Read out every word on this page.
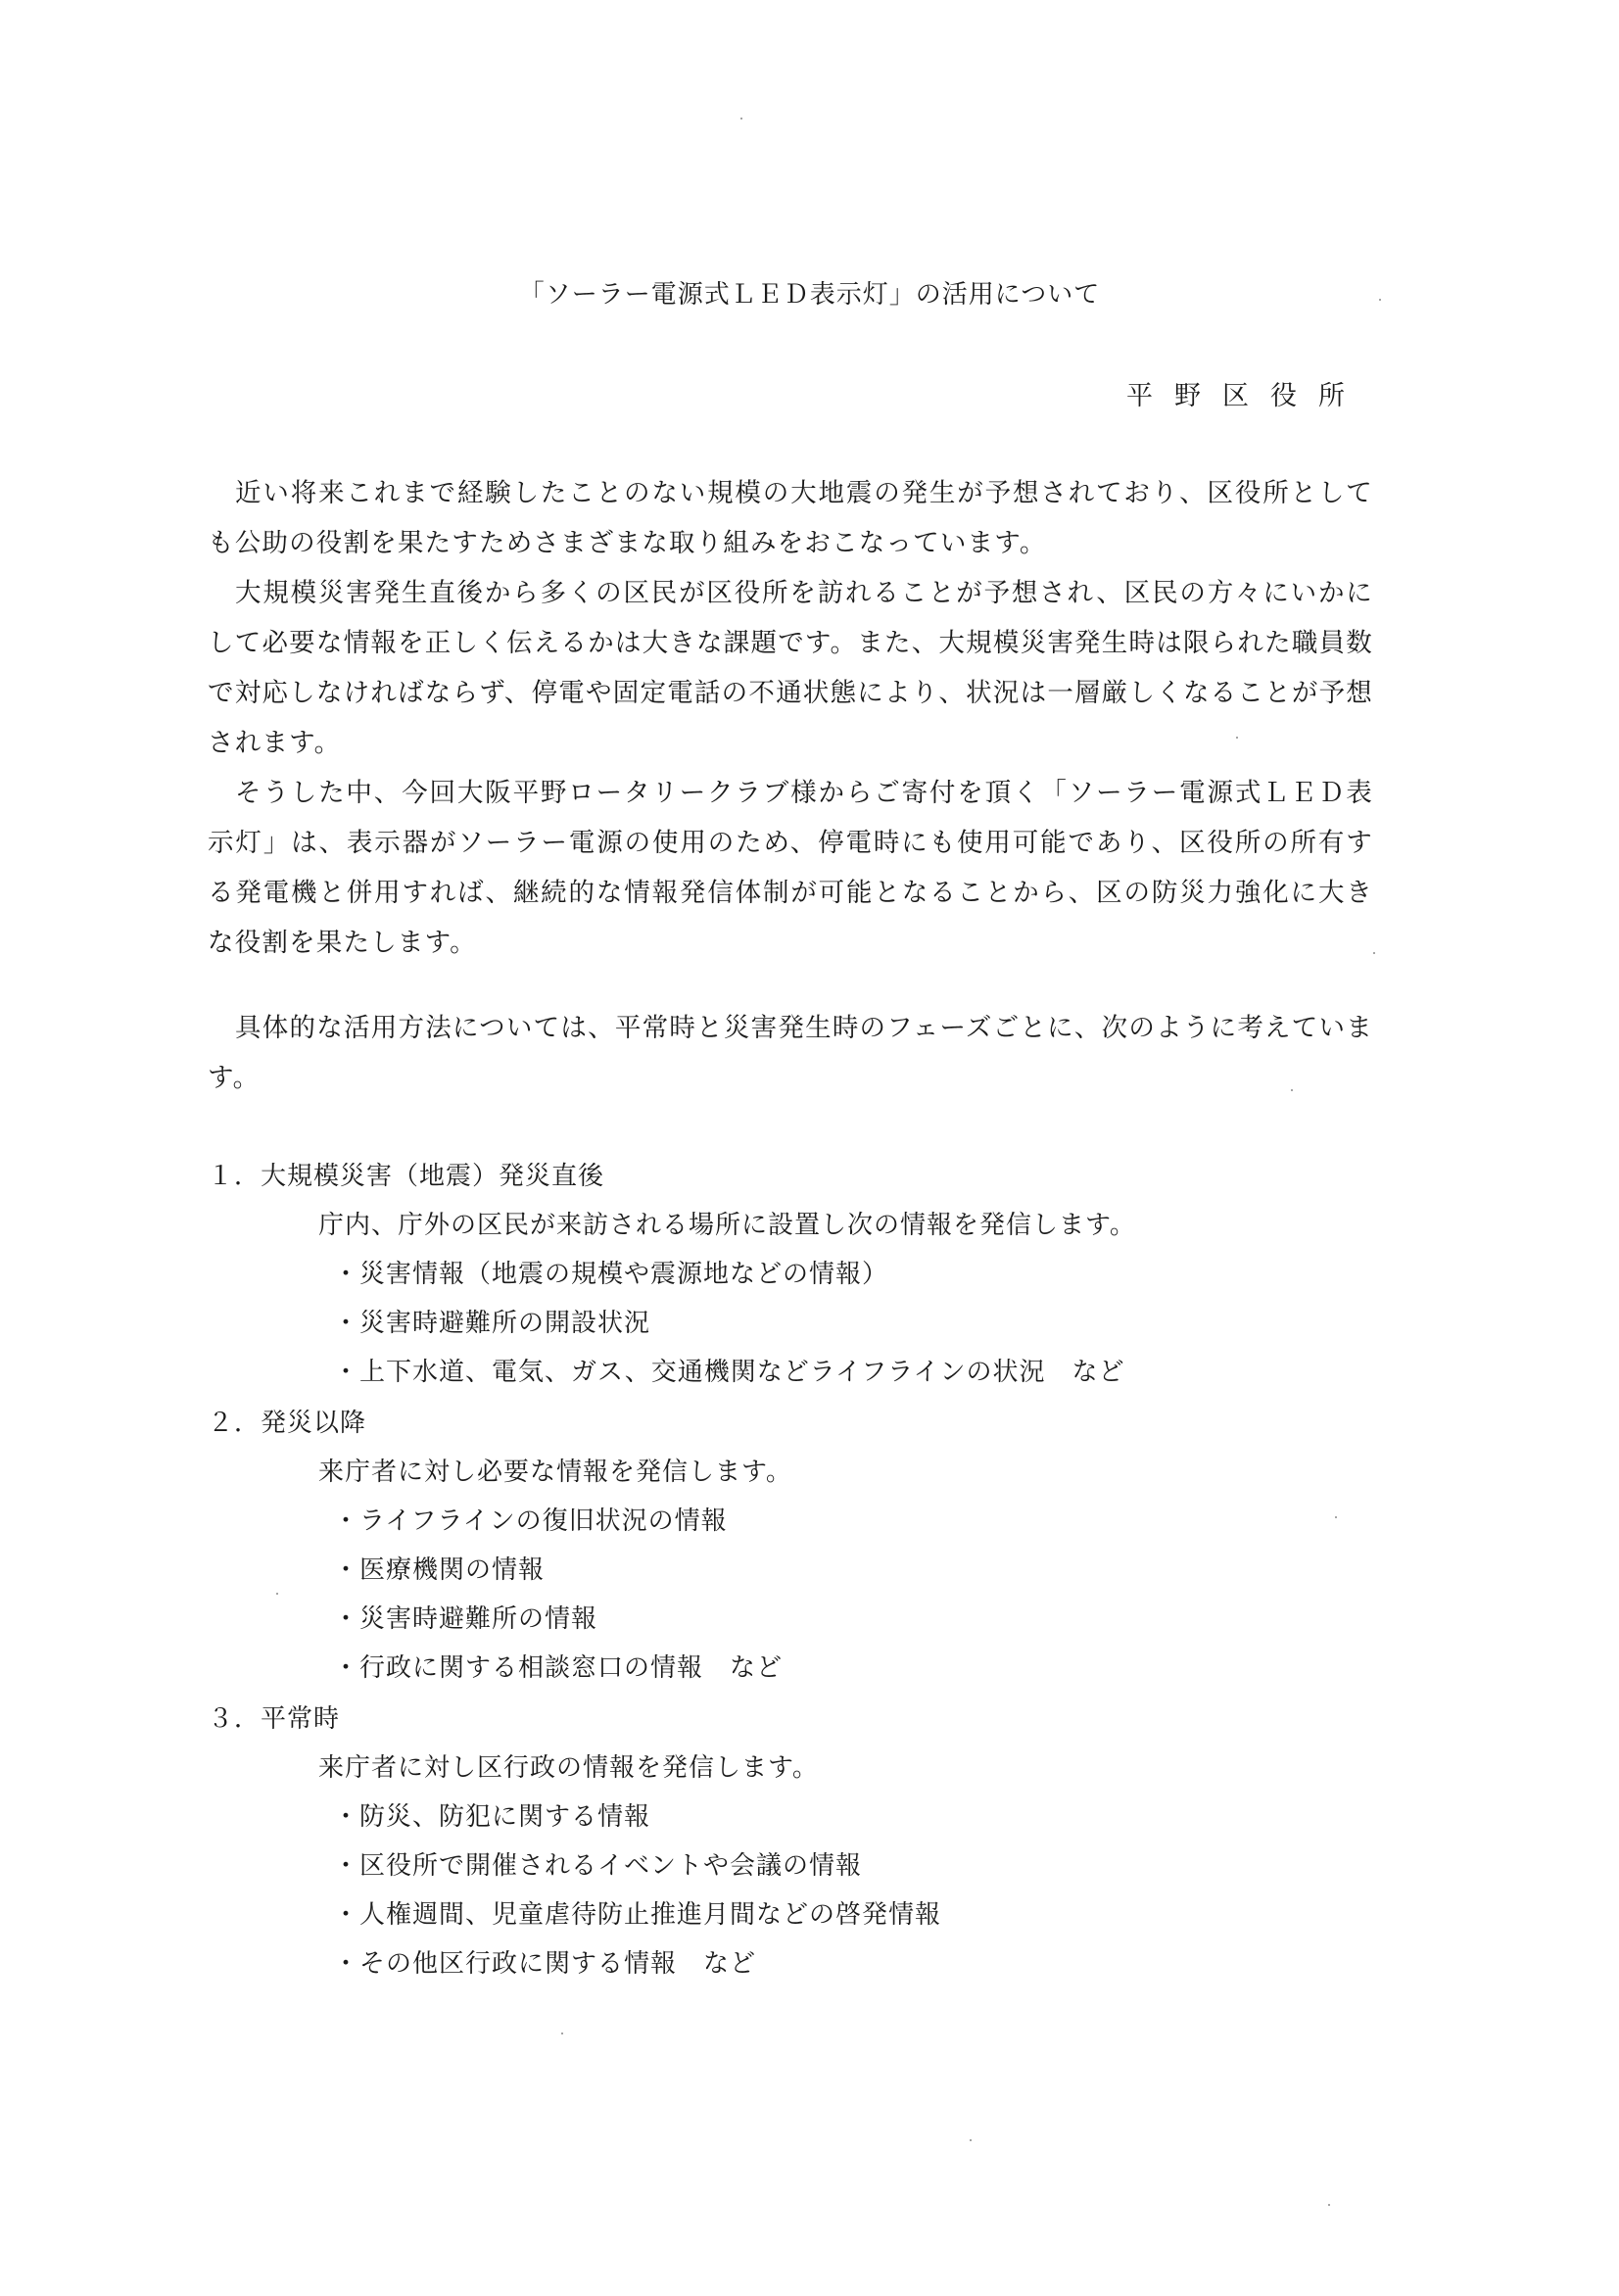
「ソーラー電源式ＬＥＤ表示灯」の活用について
平野区役所

近い将来これまで経験したことのない規模の大地震の発生が予想されており、区役所としても公助の役割を果たすためさまざまな取り組みをおこなっています。

大規模災害発生直後から多くの区民が区役所を訪れることが予想され、区民の方々にいかにして必要な情報を正しく伝えるかは大きな課題です。また、大規模災害発生時は限られた職員数で対応しなければならず、停電や固定電話の不通状態により、状況は一層厳しくなることが予想されます。

そうした中、今回大阪平野ロータリークラブ様からご寄付を頂く「ソーラー電源式ＬＥＤ表示灯」は、表示器がソーラー電源の使用のため、停電時にも使用可能であり、区役所の所有する発電機と併用すれば、継続的な情報発信体制が可能となることから、区の防災力強化に大きな役割を果たします。

具体的な活用方法については、平常時と災害発生時のフェーズごとに、次のように考えています。

１．大規模災害（地震）発災直後

庁内、庁外の区民が来訪される場所に設置し次の情報を発信します。

・ 災害情報（地震の規模や震源地などの情報）
・ 災害時避難所の開設状況
・ 上下水道、電気、ガス、交通機関などライフラインの状況　など

２．発災以降

来庁者に対し必要な情報を発信します。

・ ライフラインの復旧状況の情報
・ 医療機関の情報
・ 災害時避難所の情報
・ 行政に関する相談窓口の情報　など

３．平常時

来庁者に対し区行政の情報を発信します。

・ 防災、防犯に関する情報
・ 区役所で開催されるイベントや会議の情報
・ 人権週間、児童虐待防止推進月間などの啓発情報
・ その他区行政に関する情報　など
